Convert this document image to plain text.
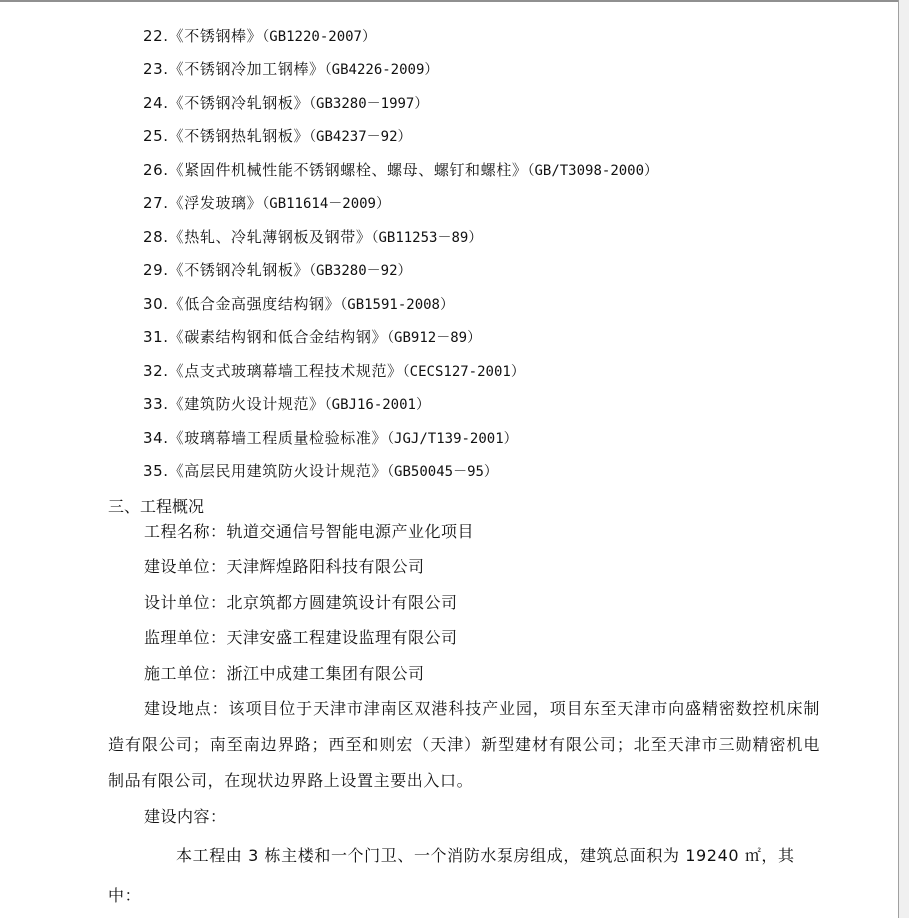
22.《不锈钢棒》（GB1220-2007）
23.《不锈钢冷加工钢棒》（GB4226-2009）
24.《不锈钢冷轧钢板》（GB3280－1997）
25.《不锈钢热轧钢板》（GB4237－92）
26.《紧固件机械性能不锈钢螺栓、螺母、螺钉和螺柱》（GB/T3098-2000）
27.《浮发玻璃》（GB11614－2009）
28.《热轧、冷轧薄钢板及钢带》（GB11253－89）
29.《不锈钢冷轧钢板》（GB3280－92）
30.《低合金高强度结构钢》（GB1591-2008）
31.《碳素结构钢和低合金结构钢》（GB912－89）
32.《点支式玻璃幕墙工程技术规范》（CECS127-2001）
33.《建筑防火设计规范》（GBJ16-2001）
34.《玻璃幕墙工程质量检验标准》（JGJ/T139-2001）
35.《高层民用建筑防火设计规范》（GB50045－95）
三、工程概况
工程名称：轨道交通信号智能电源产业化项目
建设单位：天津辉煌路阳科技有限公司
设计单位：北京筑都方圆建筑设计有限公司
监理单位：天津安盛工程建设监理有限公司
施工单位：浙江中成建工集团有限公司
建设地点：该项目位于天津市津南区双港科技产业园，项目东至天津市向盛精密数控机床制造有限公司；南至南边界路；西至和则宏（天津）新型建材有限公司；北至天津市三勋精密机电制品有限公司，在现状边界路上设置主要出入口。
建设内容：
本工程由 3 栋主楼和一个门卫、一个消防水泵房组成，建筑总面积为 19240 ㎡，其中：
